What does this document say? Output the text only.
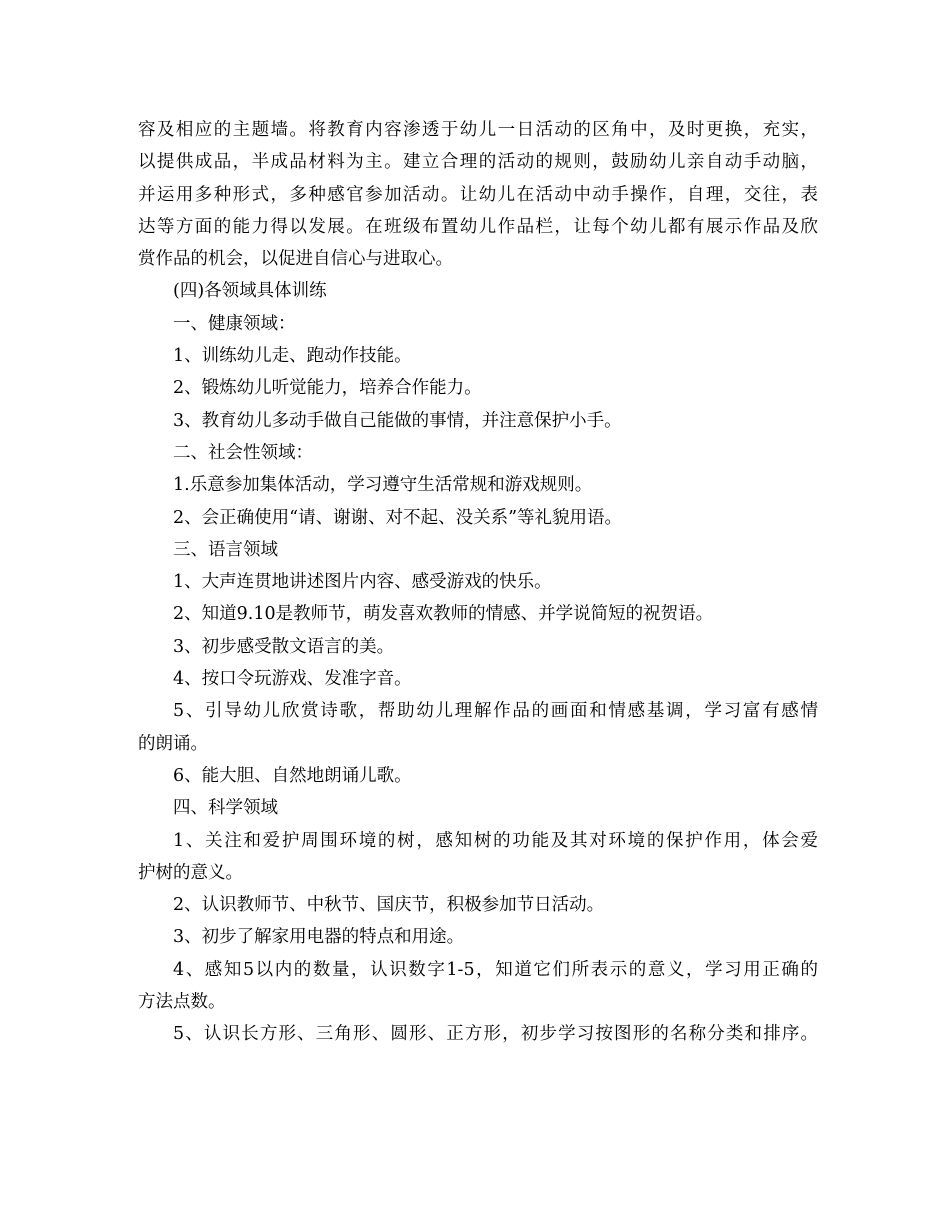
容及相应的主题墙。将教育内容渗透于幼儿一日活动的区角中，及时更换，充实，
以提供成品，半成品材料为主。建立合理的活动的规则，鼓励幼儿亲自动手动脑，
并运用多种形式，多种感官参加活动。让幼儿在活动中动手操作，自理，交往，表
达等方面的能力得以发展。在班级布置幼儿作品栏，让每个幼儿都有展示作品及欣
赏作品的机会，以促进自信心与进取心。
(四)各领域具体训练
一、健康领域：
1、训练幼儿走、跑动作技能。
2、锻炼幼儿听觉能力，培养合作能力。
3、教育幼儿多动手做自己能做的事情，并注意保护小手。
二、社会性领域：
1.乐意参加集体活动，学习遵守生活常规和游戏规则。
2、会正确使用“请、谢谢、对不起、没关系”等礼貌用语。
三、语言领域
1、大声连贯地讲述图片内容、感受游戏的快乐。
2、知道9.10是教师节，萌发喜欢教师的情感、并学说简短的祝贺语。
3、初步感受散文语言的美。
4、按口令玩游戏、发准字音。
5、引导幼儿欣赏诗歌，帮助幼儿理解作品的画面和情感基调，学习富有感情
的朗诵。
6、能大胆、自然地朗诵儿歌。
四、科学领域
1、关注和爱护周围环境的树，感知树的功能及其对环境的保护作用，体会爱
护树的意义。
2、认识教师节、中秋节、国庆节，积极参加节日活动。
3、初步了解家用电器的特点和用途。
4、感知5以内的数量，认识数字1-5，知道它们所表示的意义，学习用正确的
方法点数。
5、认识长方形、三角形、圆形、正方形，初步学习按图形的名称分类和排序。
